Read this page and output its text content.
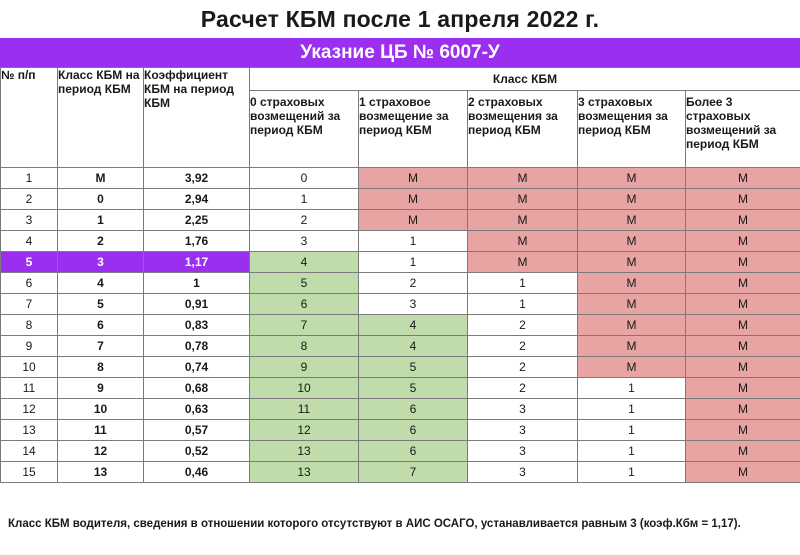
Расчет КБМ после 1 апреля 2022 г.
Указние ЦБ № 6007-У
№ п/п	Класс КБМ на период КБМ	Коэффициент КБМ на период КБМ	Класс КБМ				
			0 страховых возмещений за период КБМ	1 страховое возмещение за период КБМ	2 страховых возмещения за период КБМ	3 страховых возмещения за период КБМ	Более 3 страховых возмещений за период КБМ
1	М	3,92	0	М	М	М	М
2	0	2,94	1	М	М	М	М
3	1	2,25	2	М	М	М	М
4	2	1,76	3	1	М	М	М
5	3	1,17	4	1	М	М	М
6	4	1	5	2	1	М	М
7	5	0,91	6	3	1	М	М
8	6	0,83	7	4	2	М	М
9	7	0,78	8	4	2	М	М
10	8	0,74	9	5	2	М	М
11	9	0,68	10	5	2	1	М
12	10	0,63	11	6	3	1	М
13	11	0,57	12	6	3	1	М
14	12	0,52	13	6	3	1	М
15	13	0,46	13	7	3	1	М
Класс КБМ водителя, сведения в отношении которого отсутствуют в АИС ОСАГО, устанавливается равным 3 (коэф.Кбм = 1,17).
